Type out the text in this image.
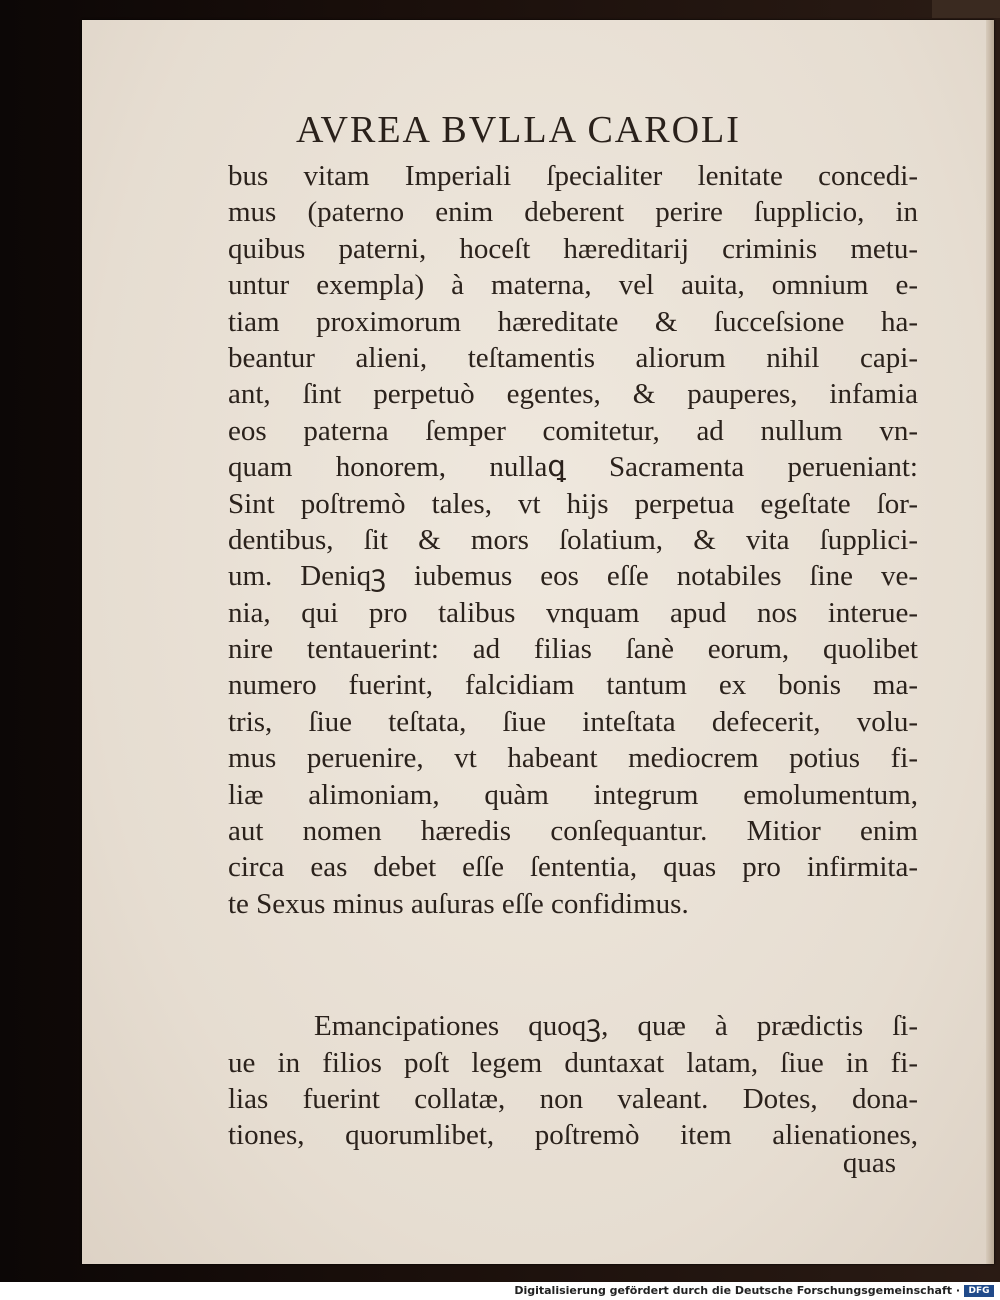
AVREA BVLLA CAROLI
bus vitam Imperiali ſpecialiter lenitate concedi-
mus (paterno enim deberent perire ſupplicio, in
quibus paterni, hoceſt hæreditarij criminis metu-
untur exempla) à materna, vel auita, omnium e-
tiam proximorum hæreditate & ſucceſsione ha-
beantur alieni, teſtamentis aliorum nihil capi-
ant, ſint perpetuò egentes, & pauperes, infamia
eos paterna ſemper comitetur, ad nullum vn-
quam honorem, nullaꝗ Sacramenta perueniant:
Sint poſtremò tales, vt hijs perpetua egeſtate ſor-
dentibus, ſit & mors ſolatium, & vita ſupplici-
um. Deniqꝫ iubemus eos eſſe notabiles ſine ve-
nia, qui pro talibus vnquam apud nos interue-
nire tentauerint: ad filias ſanè eorum, quolibet
numero fuerint, falcidiam tantum ex bonis ma-
tris, ſiue teſtata, ſiue inteſtata defecerit, volu-
mus peruenire, vt habeant mediocrem potius fi-
liæ alimoniam, quàm integrum emolumentum,
aut nomen hæredis conſequantur. Mitior enim
circa eas debet eſſe ſententia, quas pro infirmita-
te Sexus minus auſuras eſſe confidimus.
Emancipationes quoqꝫ, quæ à prædictis ſi-
ue in filios poſt legem duntaxat latam, ſiue in fi-
lias fuerint collatæ, non valeant. Dotes, dona-
tiones, quorumlibet, poſtremò item alienationes,
quas
Digitalisierung gefördert durch die Deutsche Forschungsgemeinschaft · DFG
